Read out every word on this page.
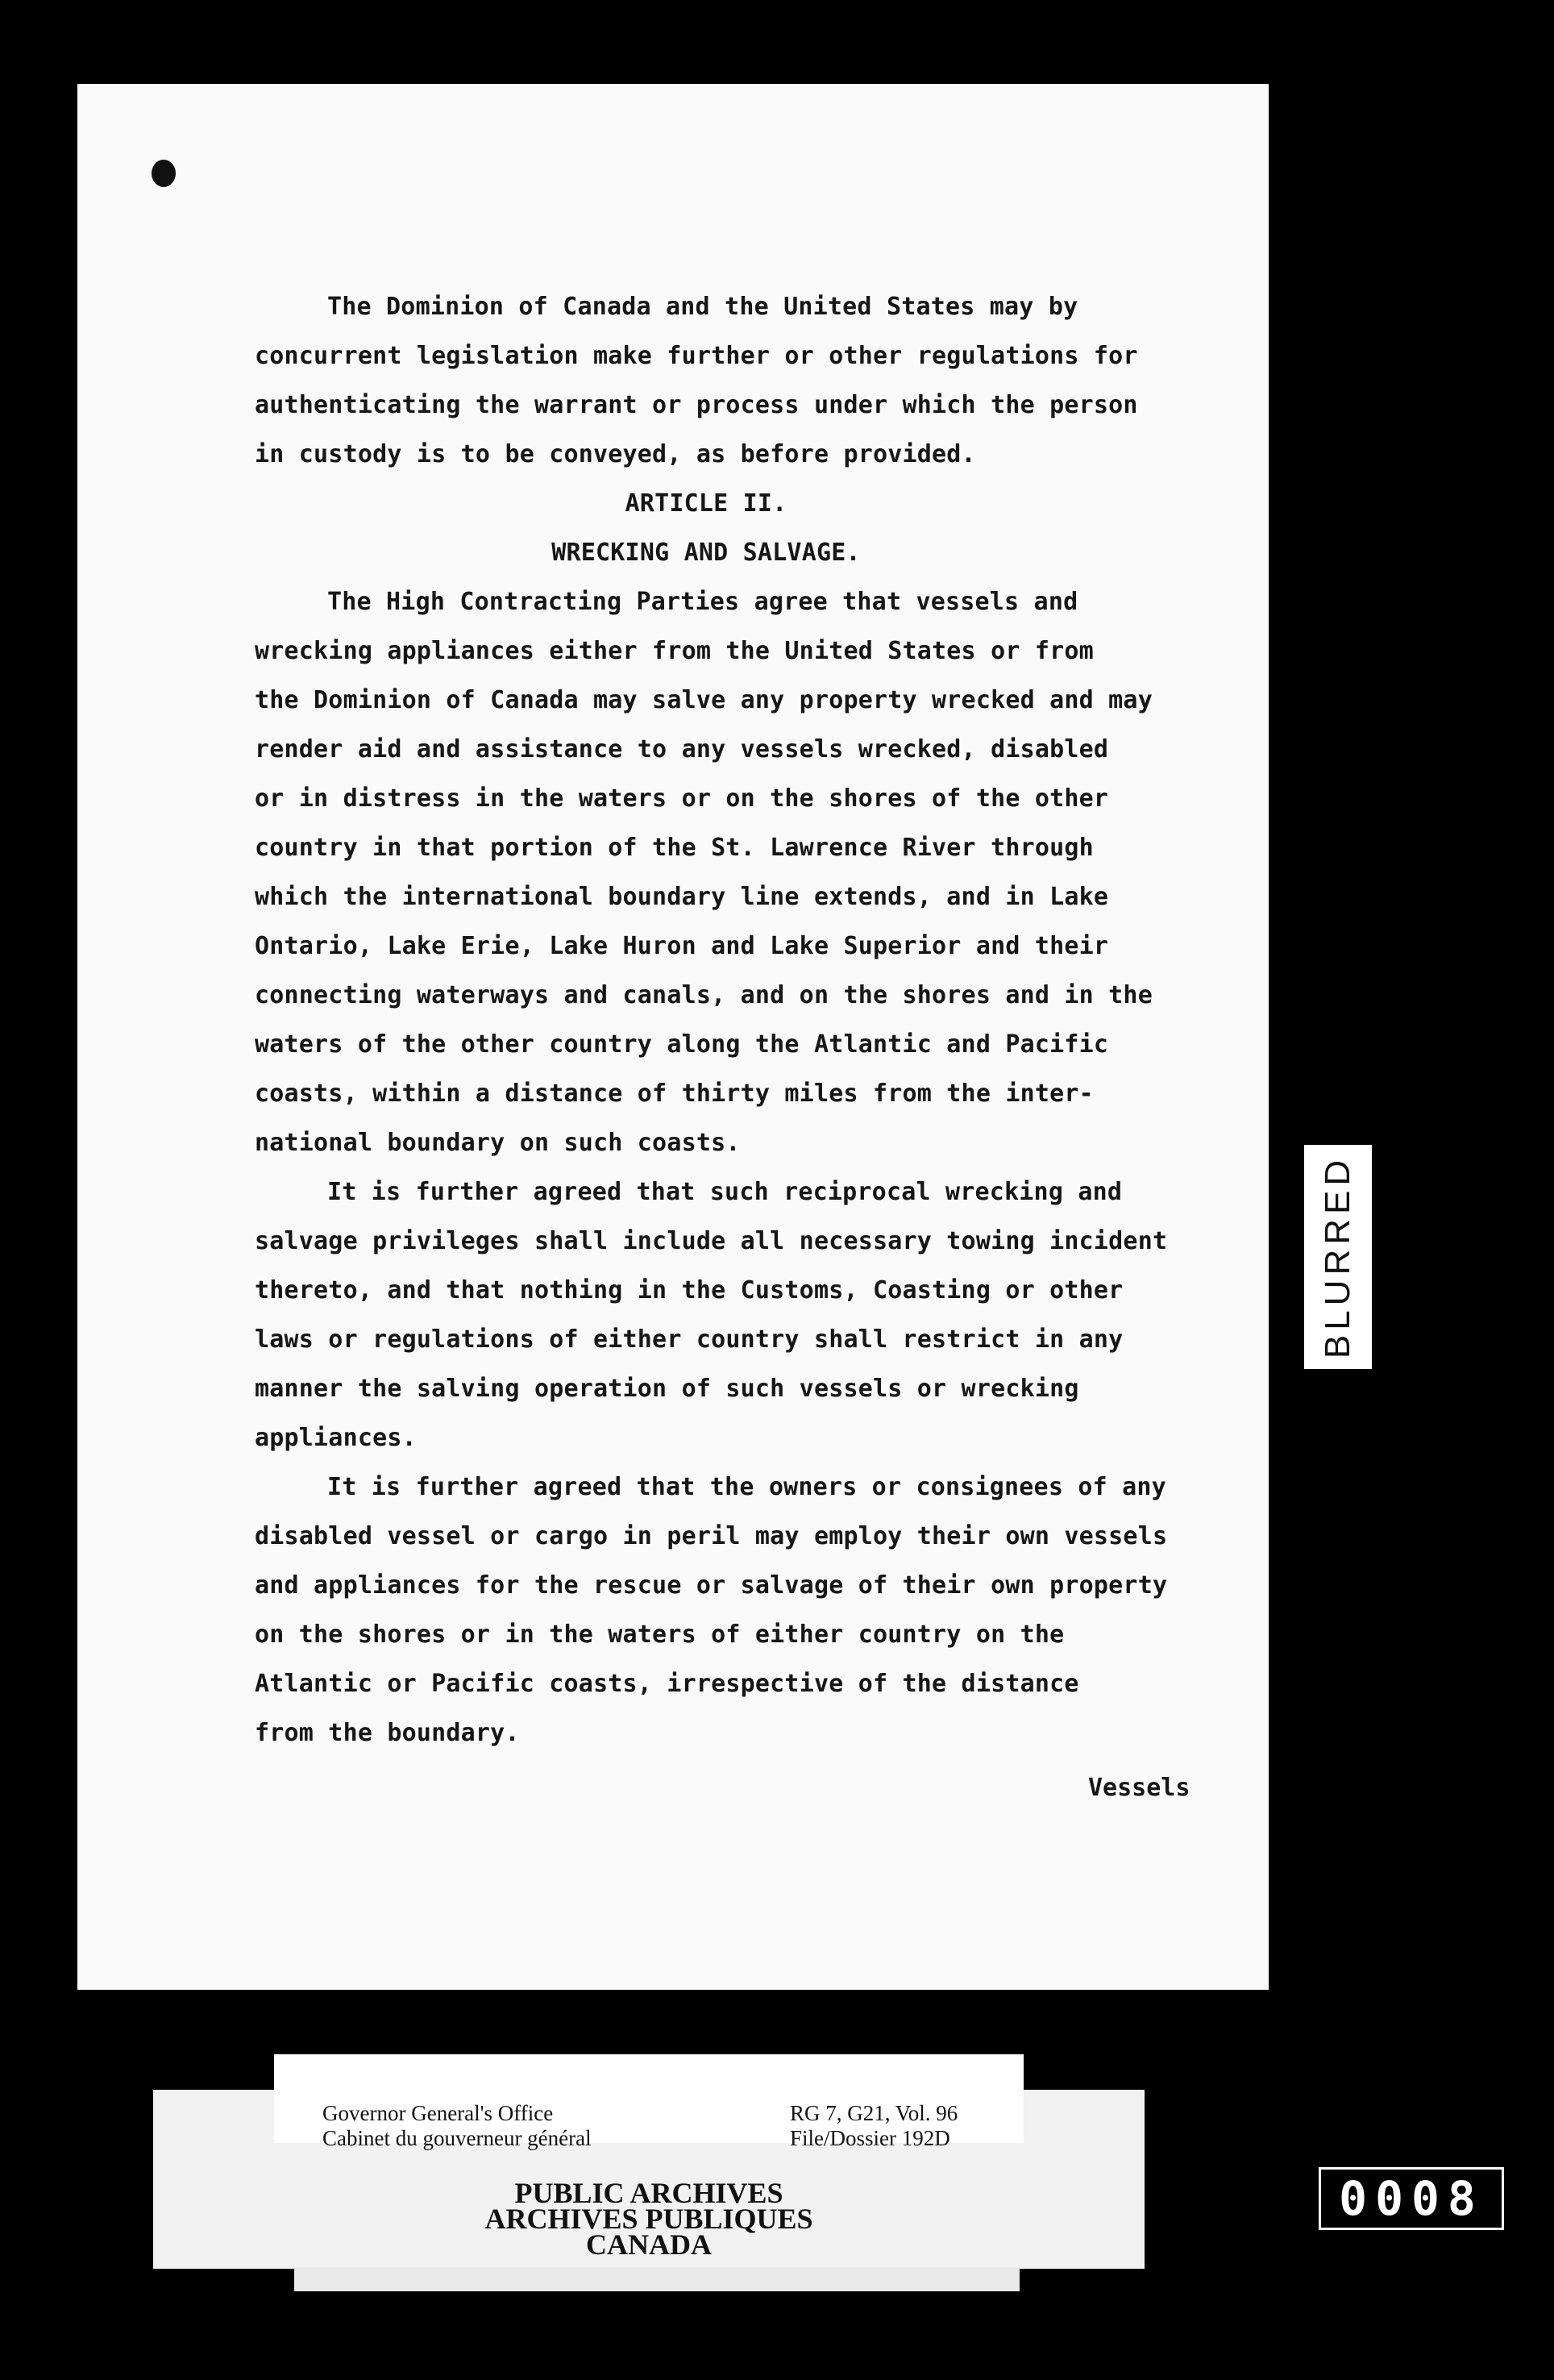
The Dominion of Canada and the United States may by
concurrent legislation make further or other regulations for
authenticating the warrant or process under which the person
in custody is to be conveyed, as before provided.

ARTICLE II.

WRECKING AND SALVAGE.

The High Contracting Parties agree that vessels and
wrecking appliances either from the United States or from
the Dominion of Canada may salve any property wrecked and may
render aid and assistance to any vessels wrecked, disabled
or in distress in the waters or on the shores of the other
country in that portion of the St. Lawrence River through
which the international boundary line extends, and in Lake
Ontario, Lake Erie, Lake Huron and Lake Superior and their
connecting waterways and canals, and on the shores and in the
waters of the other country along the Atlantic and Pacific
coasts, within a distance of thirty miles from the inter-
national boundary on such coasts.

It is further agreed that such reciprocal wrecking and
salvage privileges shall include all necessary towing incident
thereto, and that nothing in the Customs, Coasting or other
laws or regulations of either country shall restrict in any
manner the salving operation of such vessels or wrecking
appliances.

It is further agreed that the owners or consignees of any
disabled vessel or cargo in peril may employ their own vessels
and appliances for the rescue or salvage of their own property
on the shores or in the waters of either country on the
Atlantic or Pacific coasts, irrespective of the distance
from the boundary.

Vessels
BLURRED
PUBLIC ARCHIVES
ARCHIVES PUBLIQUES
CANADA
Governor General's Office
Cabinet du gouverneur général
RG 7, G21, Vol. 96
File/Dossier 192D
0008
